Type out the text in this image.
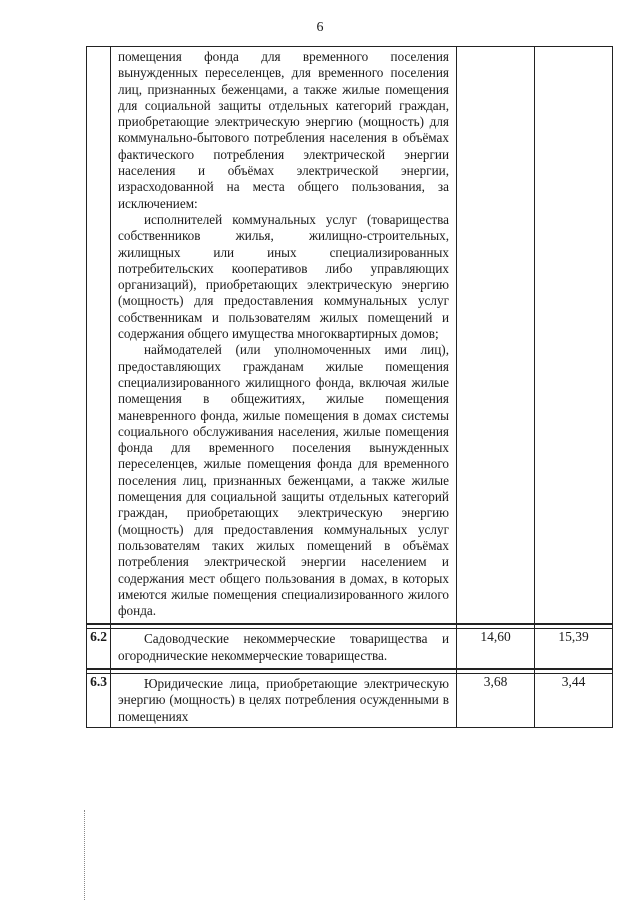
6

	помещения фонда для временного поселения вынужденных переселенцев, для временного поселения лиц, признанных беженцами, а также жилые помещения для социальной защиты отдельных категорий граждан, приобретающие электрическую энергию (мощность) для коммунально-бытового потребления населения в объёмах фактического потребления электрической энергии населения и объёмах электрической энергии, израсходованной на места общего пользования, за исключением:

исполнителей коммунальных услуг (товарищества собственников жилья, жилищно-строительных, жилищных или иных специализированных потребительских кооперативов либо управляющих организаций), приобретающих электрическую энергию (мощность) для предоставления коммунальных услуг собственникам и пользователям жилых помещений и содержания общего имущества многоквартирных домов;

наймодателей (или уполномоченных ими лиц), предоставляющих гражданам жилые помещения специализированного жилищного фонда, включая жилые помещения в общежитиях, жилые помещения маневренного фонда, жилые помещения в домах системы социального обслуживания населения, жилые помещения фонда для временного поселения вынужденных переселенцев, жилые помещения фонда для временного поселения лиц, признанных беженцами, а также жилые помещения для социальной защиты отдельных категорий граждан, приобретающих электрическую энергию (мощность) для предоставления коммунальных услуг пользователям таких жилых помещений в объёмах потребления электрической энергии населением и содержания мест общего пользования в домах, в которых имеются жилые помещения специализированного жилого фонда.		

6.2	Садоводческие некоммерческие товарищества и огороднические некоммерческие товарищества.	14,60	15,39

6.3	Юридические лица, приобретающие электрическую энергию (мощность) в целях потребления осужденными в помещениях	3,68	3,44
